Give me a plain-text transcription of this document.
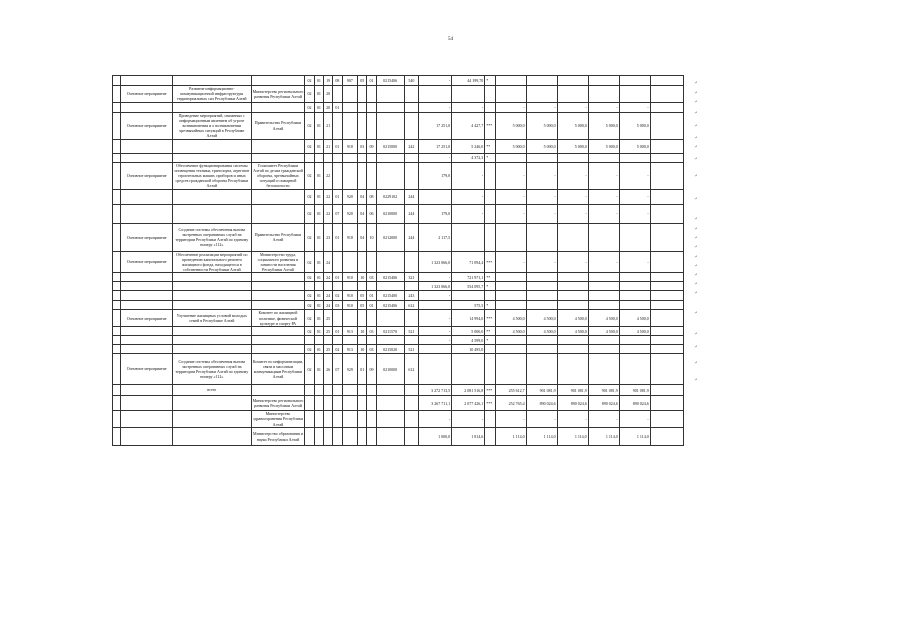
54
				02	01	19	08	907	05	01	0215406	540	-	44 199,70	*						
	Основное мероприятие	Развитие информационно-коммуникационной инфраструктуры территориальных сил Республики Алтай	Министерство регионального развития Республики Алтай	02	01	20															
				02	01	20	01						-	-		-	-	-	-	-	
	Основное мероприятие	Проведение мероприятий, связанных с информационным явлением об угрозе возникновения и о возникновении чрезвычайных ситуаций в Республике Алтай	Правительство Республики Алтай	02	01	21							17 251,0	4 427,7	***	5 000,0	5 000,0	5 000,0	5 000,0	5 000,0	
				02	01	21	01	918	03	09	0215000	242	17 251,0	5 246,0	**	5 000,0	5 000,0	5 000,0	5 000,0	5 000,0	
													-	4 372,3	*						
	Основное мероприятие	Обеспечение функционирования системы оповещения техники, транспорта, агрегатов строительных машин, приборов и иных средств гражданской обороны Республики Алтай	Госкомитет Республики Алтай по делам гражданской обороны, чрезвычайных ситуаций и пожарной безопасности	02	01	22							179,0	-		-	-	-	-	-	
				02	01	22	01	920	04	08	0229102	244		-		-	-	-	-	-	
				02	01	22	07	920	04	06	0210000	244	179,0	-		-	-	-	-	-	
	Основное мероприятие	Создание системы обеспечения вызова экстренных оперативных служб на территории Республики Алтай по единому номеру «112»	Правительство Республики Алтай	02	01	23	01	918	04	10	0212000	244	2 117,5								
	Основное мероприятие	Обеспечение реализации мероприятий по проведению капитального ремонта жилищного фонда, находящегося в собственности Республики Алтай	Министерство труда, социального развития и занятости населения Республики Алтай	02	01	24							1 323 066,0	71 094,4	***	-	-	-	-	-	
				02	01	24	01	910	10	03	0215406	321	-	721 971,1	**						
													1 323 066,0	554 095,7	*						
				02	01	24	02	910	05	01	0215400	243	-								
				02	01	24	03	910	05	01	0215406	612		575,5	*						
	Основное мероприятие	Улучшение жилищных условий молодых семей в Республике Алтай	Комитет по жилищной политике, физической культуре и спорту РА	02	01	25							-	14 994,0	***	4 500,0	4 500,0	4 500,0	4 500,0	4 500,0	
				02	01	25	01	913	10	03	0211570	521	-	5 000,0	**	4 500,0	4 500,0	4 500,0	4 500,0	4 500,0	
													-	4 599,0	*						
				02	01	25	02	913	10	03	0215020	521		10 495,0							
	Основное мероприятие	Создание системы обеспечения вызова экстренных оперативных служб на территории Республики Алтай по единому номеру «112»	Комитет по информатизации, связи и массовым коммуникациям Республики Алтай	02	01	26	07	929	01	09	0210000	612									
		всего											3 272 713,5	2 081 516,8	***	255 612,7	901 081,9	901 081,9	901 081,9	901 081,9	
			Министерство регионального развития Республики Алтай										3 267 711,1	2 077 426,1	***	252 765,4	890 024,6	890 024,6	890 024,6	890 024,6	
			Министерство здравоохранения Республики Алтай										-	-		-	-	-	-	-	
			Министерство образования и науки Республики Алтай										1 000,0	1 814,6		1 114,0	1 114,0	1 114,0	1 114,0	1 114,0	
↵
↵
↵
↵
↵
↵
↵
↵
↵
↵
↵
↵
↵
↵
↵
↵
↵
↵
↵
↵
↵
↵
↵
↵
